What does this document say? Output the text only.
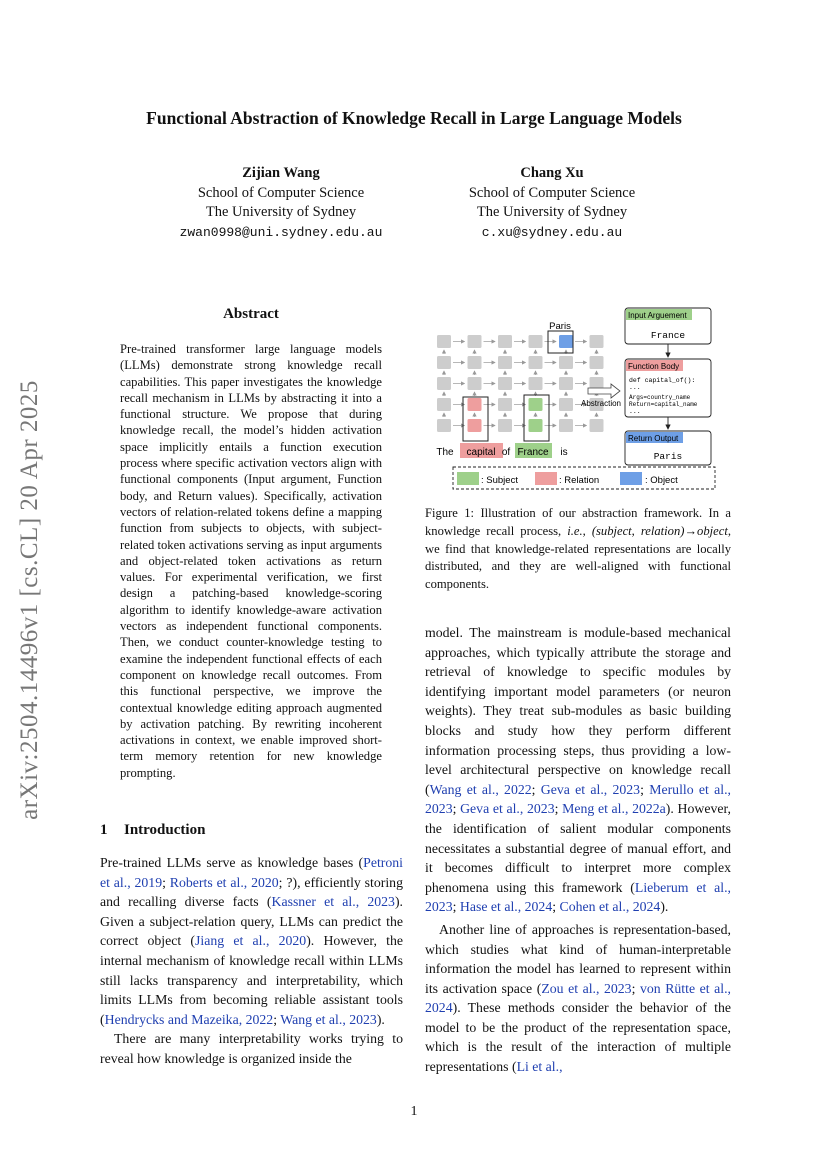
arXiv:2504.14496v1 [cs.CL] 20 Apr 2025
Functional Abstraction of Knowledge Recall in Large Language Models
Zijian Wang
School of Computer Science
The University of Sydney
zwan0998@uni.sydney.edu.au
Chang Xu
School of Computer Science
The University of Sydney
c.xu@sydney.edu.au
Abstract
Pre-trained transformer large language models (LLMs) demonstrate strong knowledge recall capabilities. This paper investigates the knowledge recall mechanism in LLMs by abstracting it into a functional structure. We propose that during knowledge recall, the model’s hidden activation space implicitly entails a function execution process where specific activation vectors align with functional components (Input argument, Function body, and Return values). Specifically, activation vectors of relation-related tokens define a mapping function from subjects to objects, with subject-related token activations serving as input arguments and object-related token activations as return values. For experimental verification, we first design a patching-based knowledge-scoring algorithm to identify knowledge-aware activation vectors as independent functional components. Then, we conduct counter-knowledge testing to examine the independent functional effects of each component on knowledge recall outcomes. From this functional perspective, we improve the contextual knowledge editing approach augmented by activation patching. By rewriting incoherent activations in context, we enable improved short-term memory retention for new knowledge prompting.
1 Introduction

Pre-trained LLMs serve as knowledge bases (Petroni et al., 2019; Roberts et al., 2020; ?), efficiently storing and recalling diverse facts (Kassner et al., 2023). Given a subject-relation query, LLMs can predict the correct object (Jiang et al., 2020). However, the internal mechanism of knowledge recall within LLMs still lacks transparency and interpretability, which limits LLMs from becoming reliable assistant tools (Hendrycks and Mazeika, 2022; Wang et al., 2023).

There are many interpretability works trying to reveal how knowledge is organized inside the

model. The mainstream is module-based mechanical approaches, which typically attribute the storage and retrieval of knowledge to specific modules by identifying important model parameters (or neuron weights). They treat sub-modules as basic building blocks and study how they perform different information processing steps, thus providing a low-level architectural perspective on knowledge recall (Wang et al., 2022; Geva et al., 2023; Merullo et al., 2023; Geva et al., 2023; Meng et al., 2022a). However, the identification of salient modular components necessitates a substantial degree of manual effort, and it becomes difficult to interpret more complex phenomena using this framework (Lieberum et al., 2023; Hase et al., 2024; Cohen et al., 2024).

Another line of approaches is representation-based, which studies what kind of human-interpretable information the model has learned to represent within its activation space (Zou et al., 2023; von Rütte et al., 2024). These methods consider the behavior of the model to be the product of the representation space, which is the result of the interaction of multiple representations (Li et al.,

Paris
The capital of France is
Abstraction
Input Arguement
France
Function Body
def capital_of():
...
Args=country_name
Return=capital_name
...
Return Output
Paris
: Subject	: Relation	: Object
Figure 1: Illustration of our abstraction framework. In a knowledge recall process, i.e., (subject, relation)→object, we find that knowledge-related representations are locally distributed, and they are well-aligned with functional components.
1
